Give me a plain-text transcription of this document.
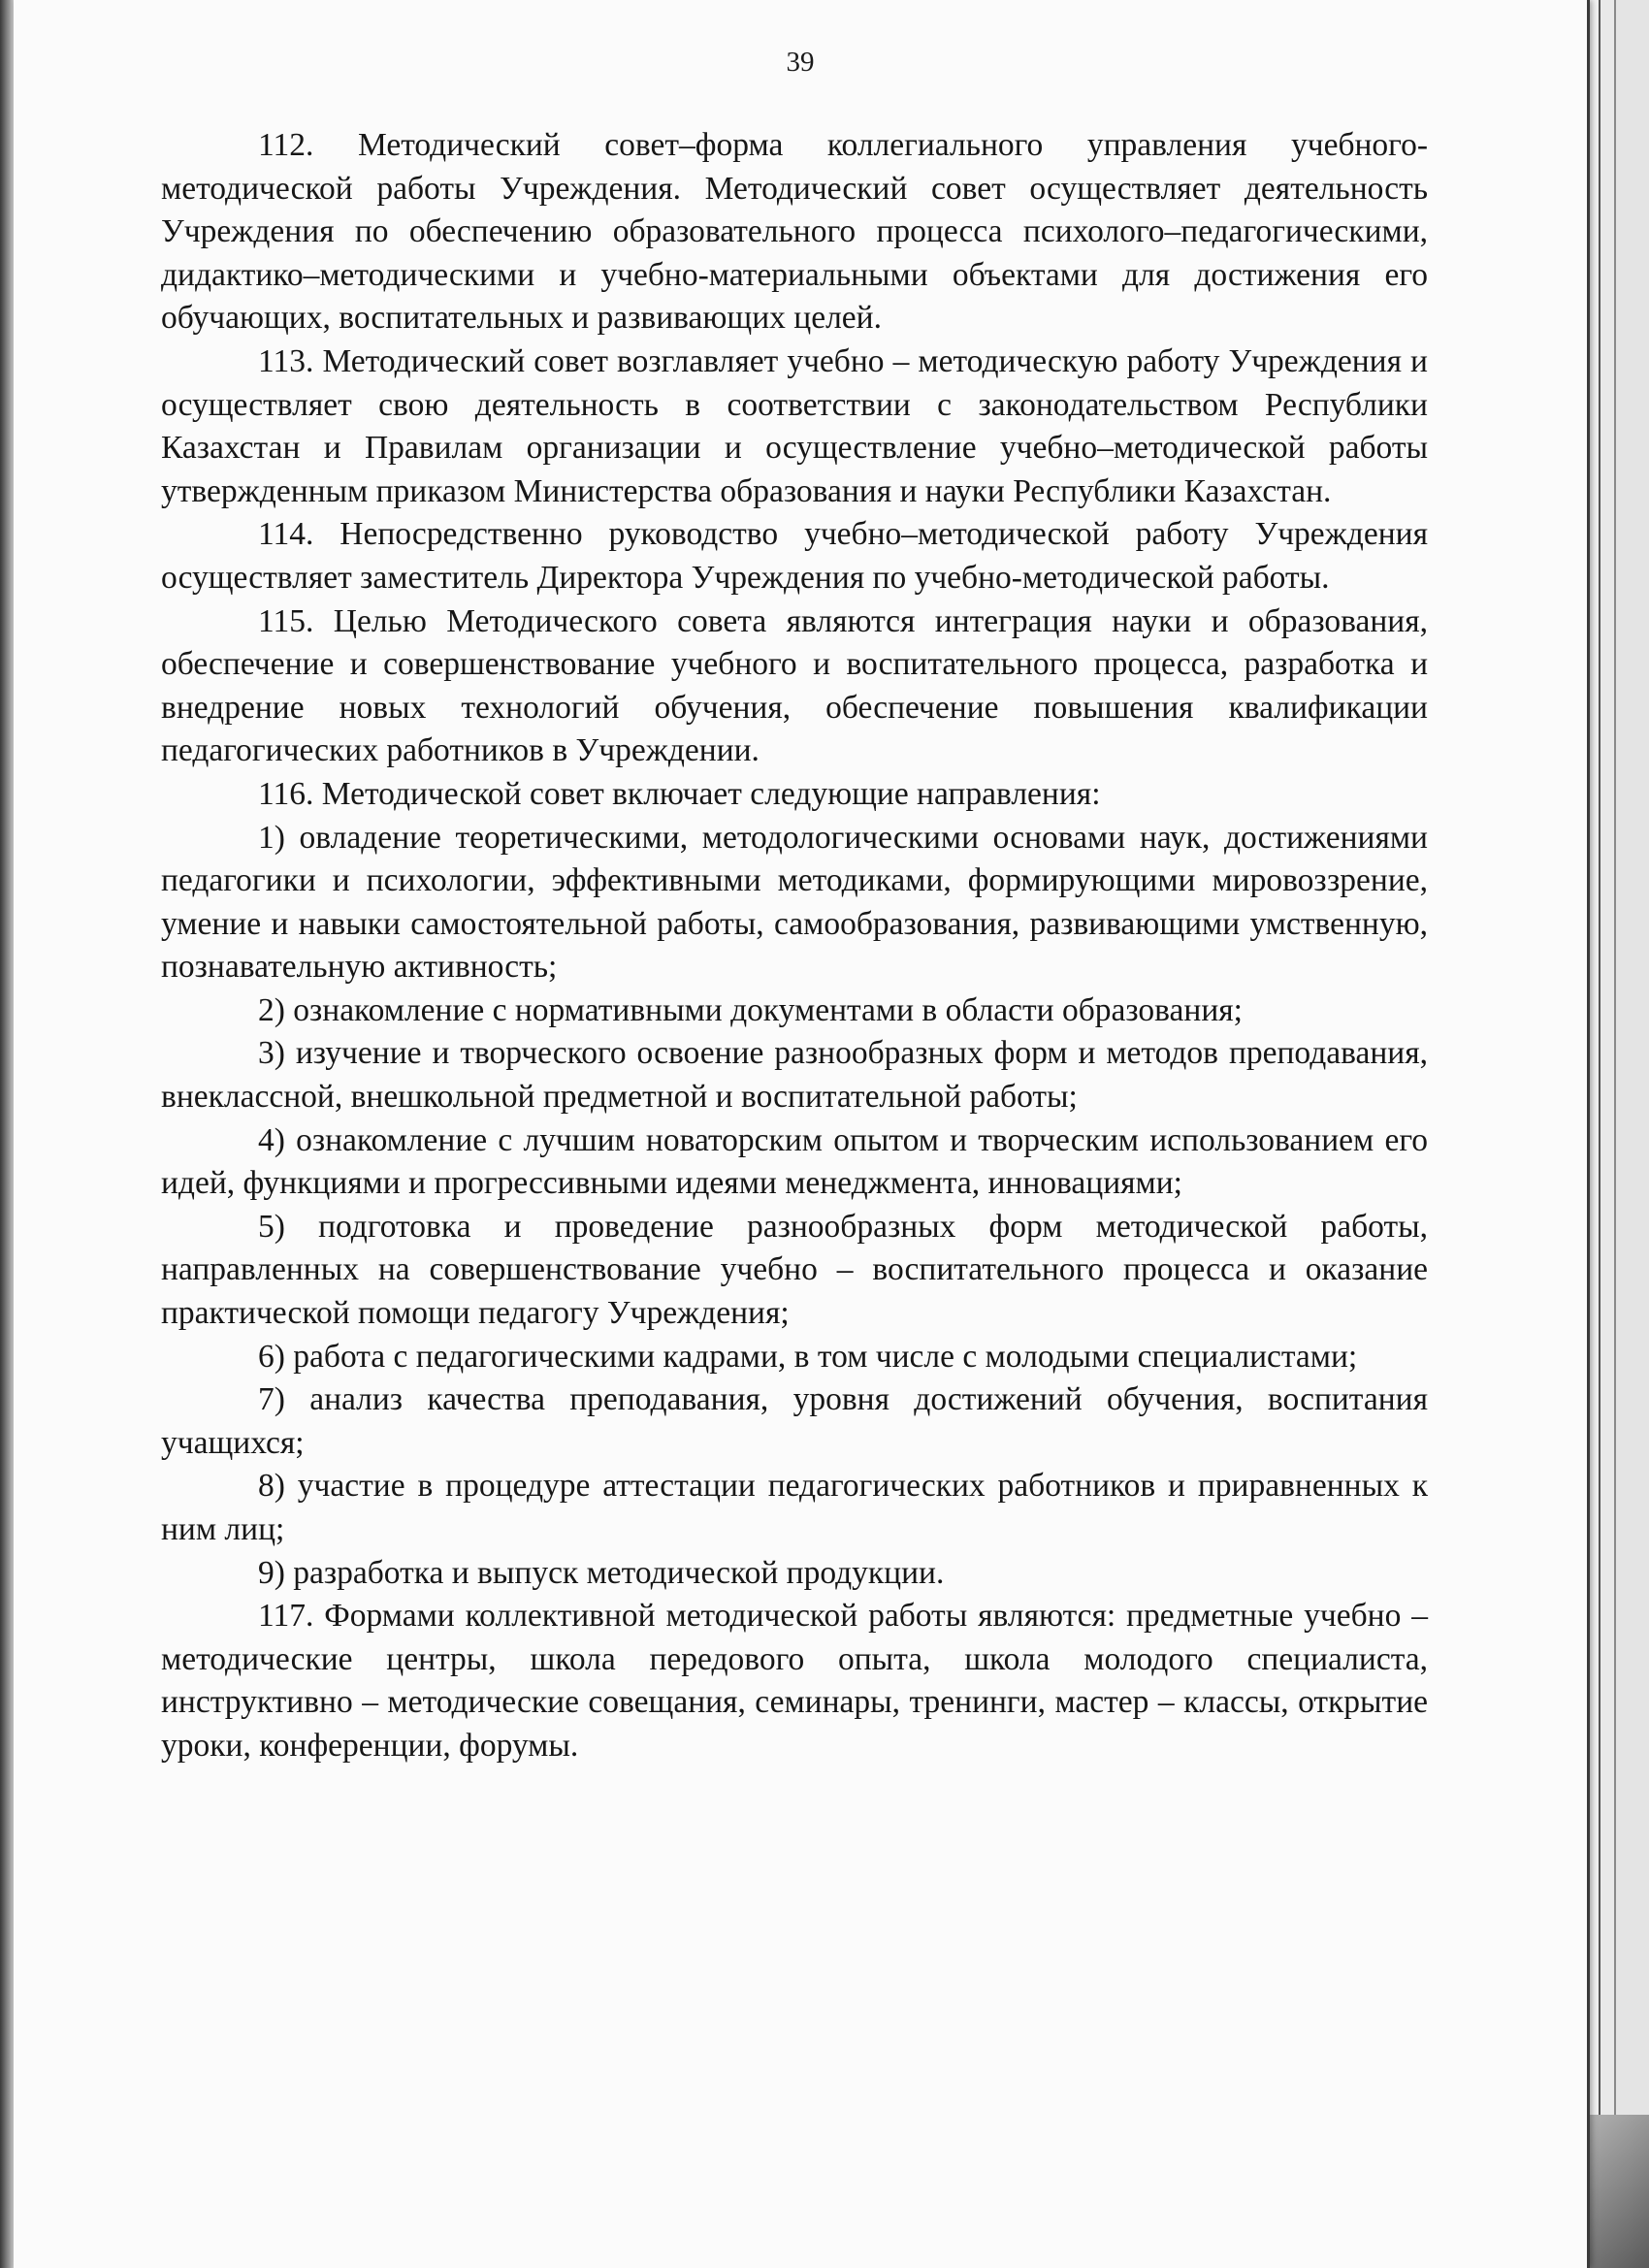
39

112. Методический совет–форма коллегиального управления учебного-методической работы Учреждения. Методический совет осуществляет деятельность Учреждения по обеспечению образовательного процесса психолого–педагогическими, дидактико–методическими и учебно-материальными объектами для достижения его обучающих, воспитательных и развивающих целей.

113. Методический совет возглавляет учебно – методическую работу Учреждения и осуществляет свою деятельность в соответствии с законодательством Республики Казахстан и Правилам организации и осуществление учебно–методической работы утвержденным приказом Министерства образования и науки Республики Казахстан.

114. Непосредственно руководство учебно–методической работу Учреждения осуществляет заместитель Директора Учреждения по учебно-методической работы.

115. Целью Методического совета являются интеграция науки и образования, обеспечение и совершенствование учебного и воспитательного процесса, разработка и внедрение новых технологий обучения, обеспечение повышения квалификации педагогических работников в Учреждении.

116. Методической совет включает следующие направления:

1) овладение теоретическими, методологическими основами наук, достижениями педагогики и психологии, эффективными методиками, формирующими мировоззрение, умение и навыки самостоятельной работы, самообразования, развивающими умственную, познавательную активность;

2) ознакомление с нормативными документами в области образования;

3) изучение и творческого освоение разнообразных форм и методов преподавания, внеклассной, внешкольной предметной и воспитательной работы;

4) ознакомление с лучшим новаторским опытом и творческим использованием его идей, функциями и прогрессивными идеями менеджмента, инновациями;

5) подготовка и проведение разнообразных форм методической работы, направленных на совершенствование учебно – воспитательного процесса и оказание практической помощи педагогу Учреждения;

6) работа с педагогическими кадрами, в том числе с молодыми специалистами;

7) анализ качества преподавания, уровня достижений обучения, воспитания учащихся;

8) участие в процедуре аттестации педагогических работников и приравненных к ним лиц;

9) разработка и выпуск методической продукции.

117. Формами коллективной методической работы являются: предметные учебно – методические центры, школа передового опыта, школа молодого специалиста, инструктивно – методические совещания, семинары, тренинги, мастер – классы, открытие уроки, конференции, форумы.
